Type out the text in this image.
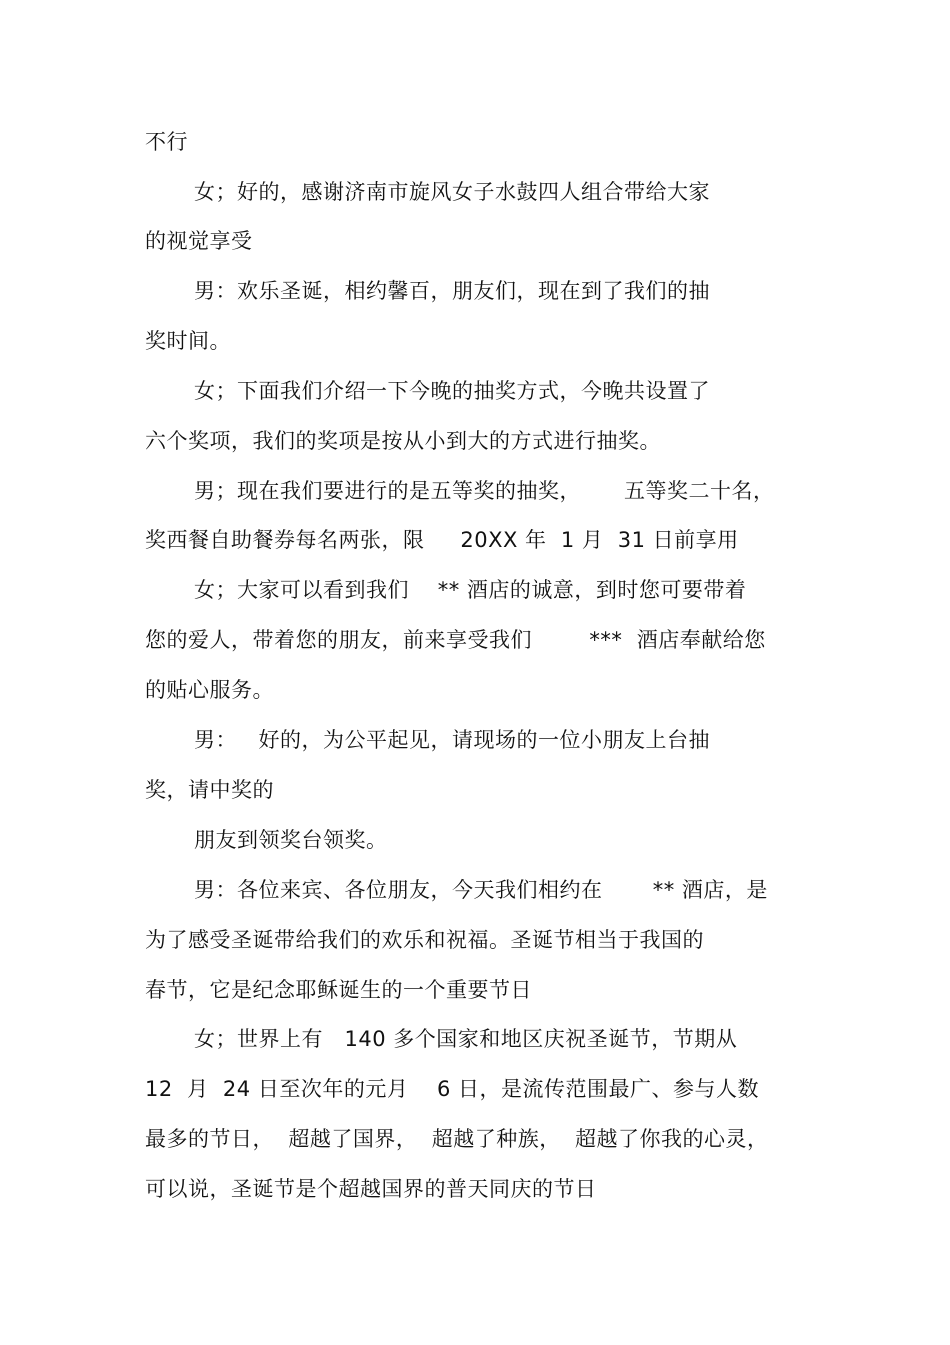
不行
女；好的，感谢济南市旋风女子水鼓四人组合带给大家
的视觉享受
男：欢乐圣诞，相约馨百，朋友们，现在到了我们的抽
奖时间。
女；下面我们介绍一下今晚的抽奖方式，今晚共设置了
六个奖项，我们的奖项是按从小到大的方式进行抽奖。
男；现在我们要进行的是五等奖的抽奖，      五等奖二十名，
奖西餐自助餐券每名两张，限     20XX 年  1 月  31 日前享用
女；大家可以看到我们    ** 酒店的诚意，到时您可要带着
您的爱人，带着您的朋友，前来享受我们        ***  酒店奉献给您
的贴心服务。
男：   好的，为公平起见，请现场的一位小朋友上台抽
奖，请中奖的
朋友到领奖台领奖。
男：各位来宾、各位朋友，今天我们相约在       ** 酒店，是
为了感受圣诞带给我们的欢乐和祝福。圣诞节相当于我国的
春节，它是纪念耶稣诞生的一个重要节日
女；世界上有   140 多个国家和地区庆祝圣诞节，节期从
12  月  24 日至次年的元月    6 日，是流传范围最广、参与人数
最多的节日，  超越了国界，  超越了种族，  超越了你我的心灵，
可以说，圣诞节是个超越国界的普天同庆的节日
